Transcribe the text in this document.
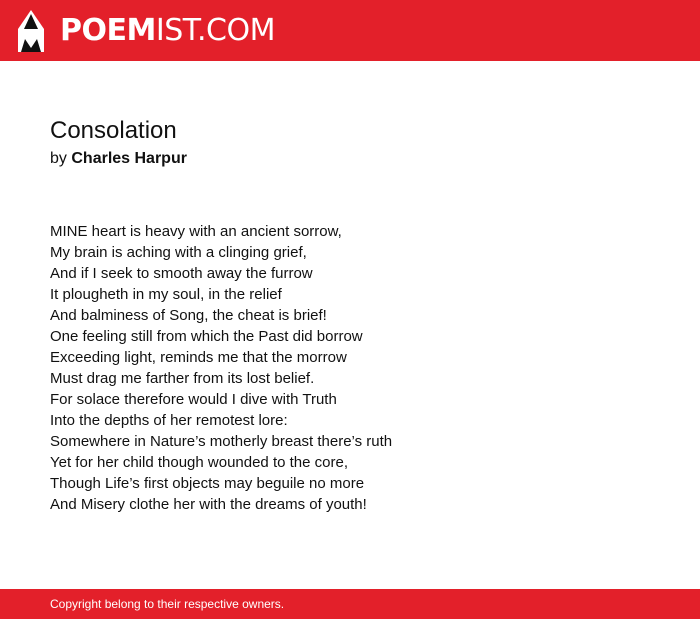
POEMIST.COM
Consolation
by Charles Harpur
MINE heart is heavy with an ancient sorrow,
My brain is aching with a clinging grief,
And if I seek to smooth away the furrow
It plougheth in my soul, in the relief
And balminess of Song, the cheat is brief!
One feeling still from which the Past did borrow
Exceeding light, reminds me that the morrow
Must drag me farther from its lost belief.
For solace therefore would I dive with Truth
Into the depths of her remotest lore:
Somewhere in Nature’s motherly breast there’s ruth
Yet for her child though wounded to the core,
Though Life’s first objects may beguile no more
And Misery clothe her with the dreams of youth!
Copyright belong to their respective owners.
